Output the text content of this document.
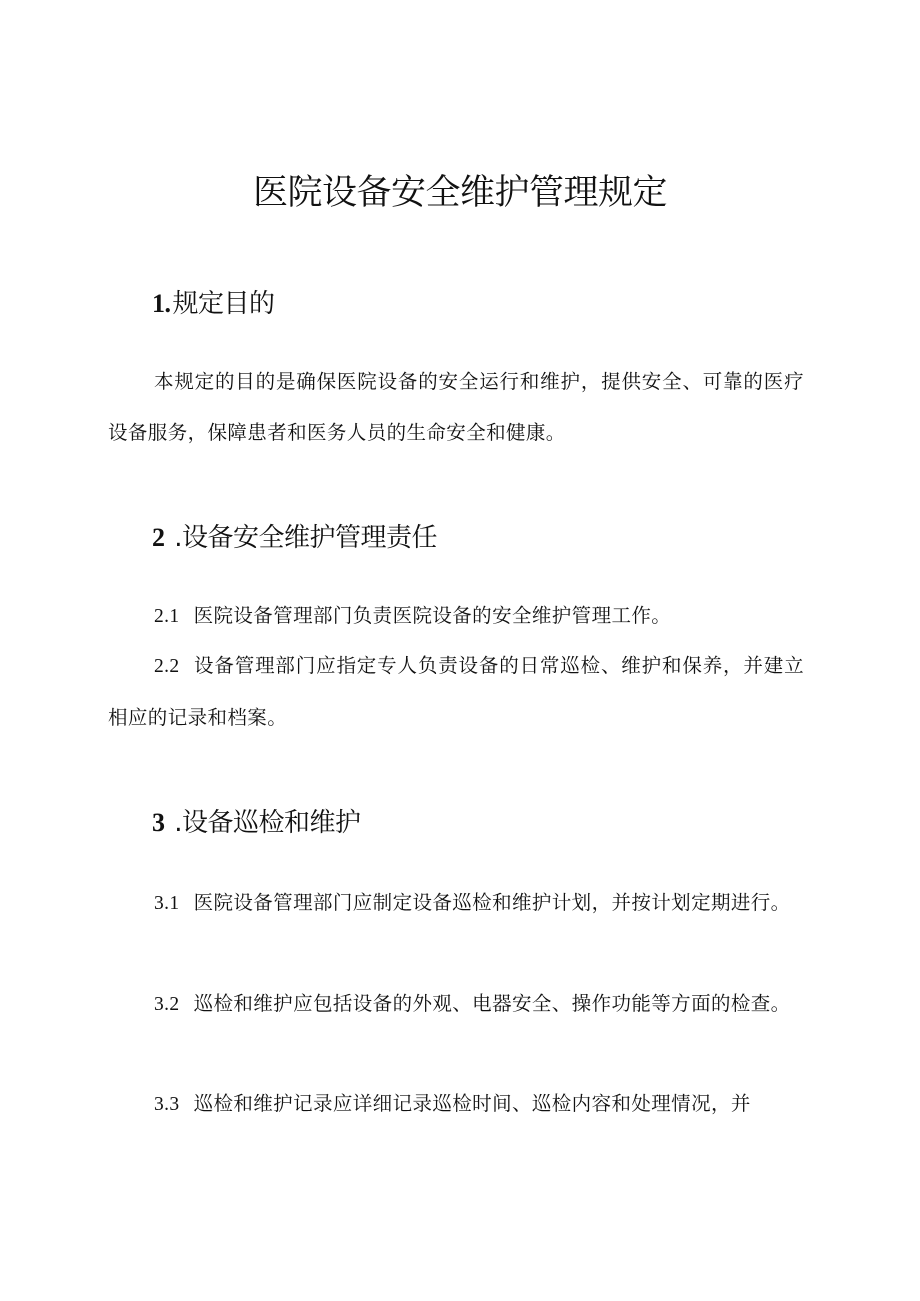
医院设备安全维护管理规定
1.规定目的

本规定的目的是确保医院设备的安全运行和维护，提供安全、可靠的医疗设备服务，保障患者和医务人员的生命安全和健康。

2 .设备安全维护管理责任

2.1 医院设备管理部门负责医院设备的安全维护管理工作。

2.2 设备管理部门应指定专人负责设备的日常巡检、维护和保养，并建立相应的记录和档案。

3 .设备巡检和维护

3.1 医院设备管理部门应制定设备巡检和维护计划，并按计划定期进行。

3.2 巡检和维护应包括设备的外观、电器安全、操作功能等方面的检查。

3.3 巡检和维护记录应详细记录巡检时间、巡检内容和处理情况，并
